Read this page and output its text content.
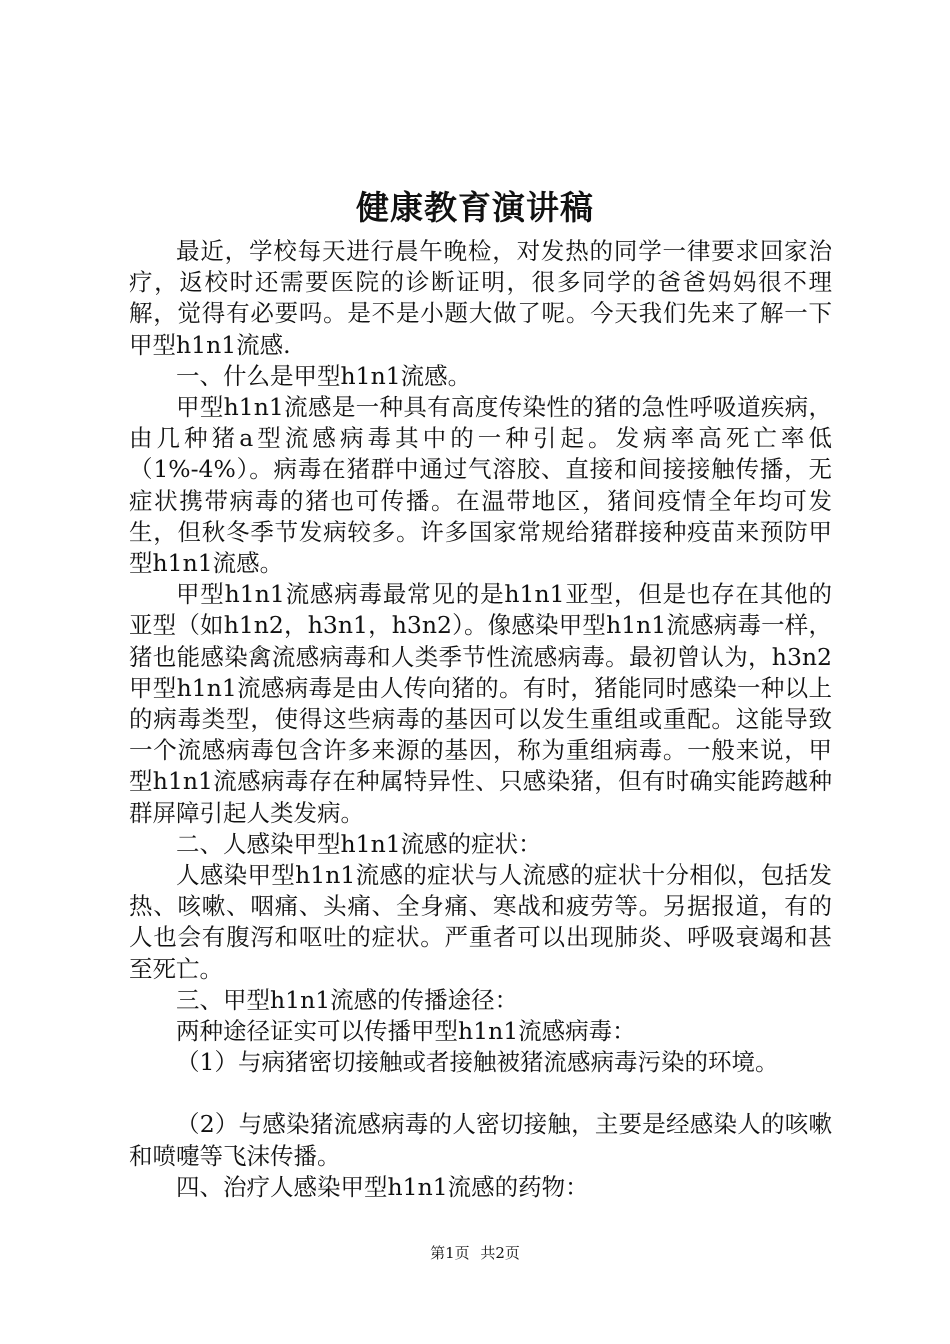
健康教育演讲稿

最近，学校每天进行晨午晚检，对发热的同学一律要求回家治疗，返校时还需要医院的诊断证明，很多同学的爸爸妈妈很不理解，觉得有必要吗。是不是小题大做了呢。今天我们先来了解一下甲型h1n1流感.

一、什么是甲型h1n1流感。

甲型h1n1流感是一种具有高度传染性的猪的急性呼吸道疾病，由几种猪a型流感病毒其中的一种引起。发病率高死亡率低（1%-4%）。病毒在猪群中通过气溶胶、直接和间接接触传播，无症状携带病毒的猪也可传播。在温带地区，猪间疫情全年均可发生，但秋冬季节发病较多。许多国家常规给猪群接种疫苗来预防甲型h1n1流感。

甲型h1n1流感病毒最常见的是h1n1亚型，但是也存在其他的亚型（如h1n2，h3n1，h3n2）。像感染甲型h1n1流感病毒一样，猪也能感染禽流感病毒和人类季节性流感病毒。最初曾认为，h3n2甲型h1n1流感病毒是由人传向猪的。有时，猪能同时感染一种以上的病毒类型，使得这些病毒的基因可以发生重组或重配。这能导致一个流感病毒包含许多来源的基因，称为重组病毒。一般来说，甲型h1n1流感病毒存在种属特异性、只感染猪，但有时确实能跨越种群屏障引起人类发病。

二、人感染甲型h1n1流感的症状：

人感染甲型h1n1流感的症状与人流感的症状十分相似，包括发热、咳嗽、咽痛、头痛、全身痛、寒战和疲劳等。另据报道，有的人也会有腹泻和呕吐的症状。严重者可以出现肺炎、呼吸衰竭和甚至死亡。

三、甲型h1n1流感的传播途径：

两种途径证实可以传播甲型h1n1流感病毒：

（1）与病猪密切接触或者接触被猪流感病毒污染的环境。

（2）与感染猪流感病毒的人密切接触，主要是经感染人的咳嗽和喷嚏等飞沫传播。

四、治疗人感染甲型h1n1流感的药物：

第1页 共2页
